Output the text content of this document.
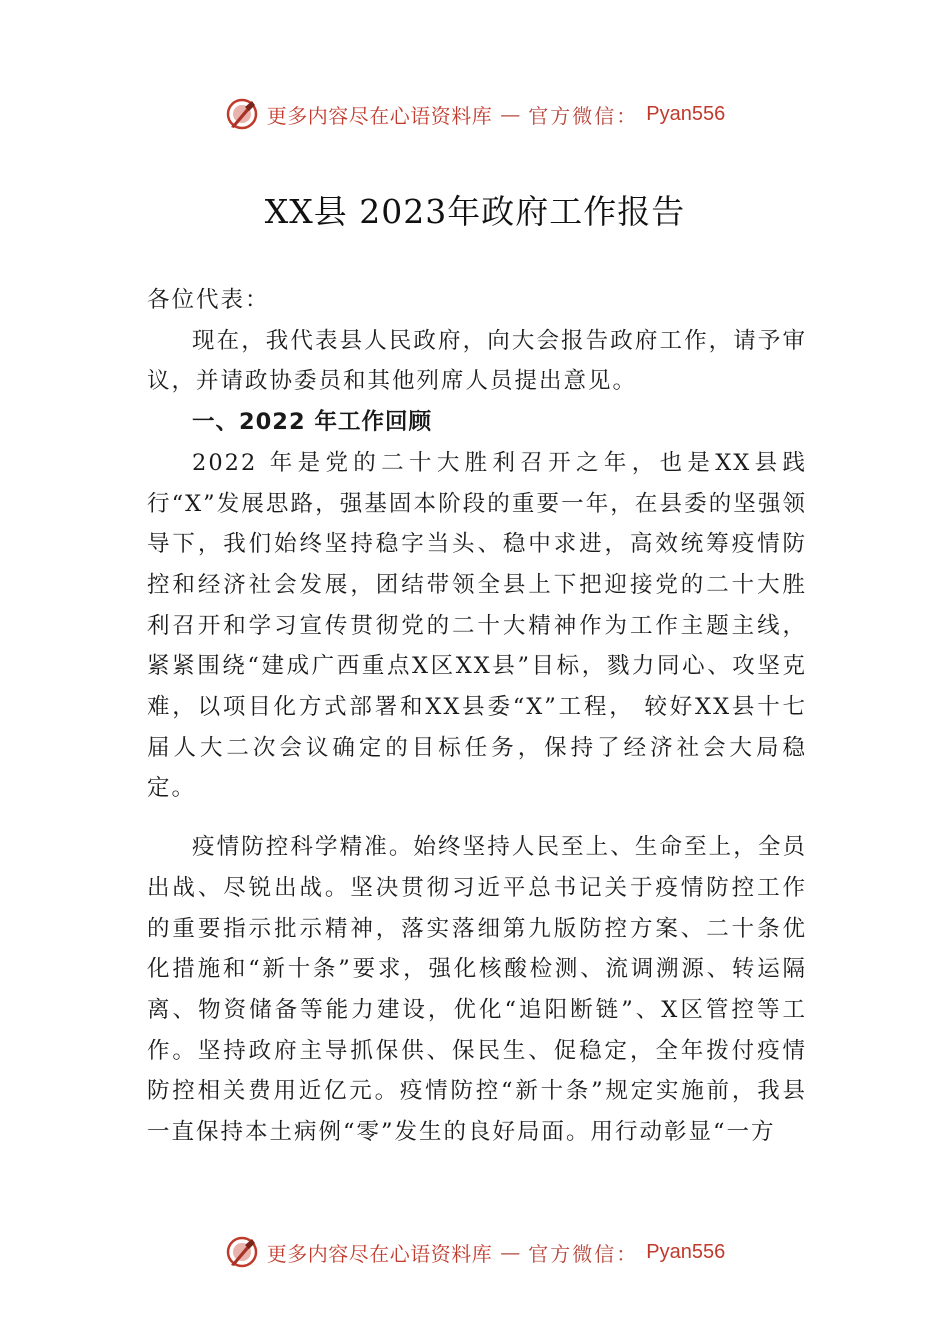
更多内容尽在心语资料库 — 官方微信： Pyan556
XX县 2023年政府工作报告

各位代表：

现在，我代表县人民政府，向大会报告政府工作，请予审议，并请政协委员和其他列席人员提出意见。

一、2022 年工作回顾

2022 年是党的二十大胜利召开之年，也是XX县践行“X”发展思路，强基固本阶段的重要一年，在县委的坚强领导下，我们始终坚持稳字当头、稳中求进，高效统筹疫情防控和经济社会发展，团结带领全县上下把迎接党的二十大胜利召开和学习宣传贯彻党的二十大精神作为工作主题主线，紧紧围绕“建成广西重点X区XX县”目标，戮力同心、攻坚克难，以项目化方式部署和XX县委“X”工程， 较好XX县十七届人大二次会议确定的目标任务，保持了经济社会大局稳定。

疫情防控科学精准。始终坚持人民至上、生命至上，全员出战、尽锐出战。坚决贯彻习近平总书记关于疫情防控工作的重要指示批示精神，落实落细第九版防控方案、二十条优化措施和“新十条”要求，强化核酸检测、流调溯源、转运隔离、物资储备等能力建设，优化“追阳断链”、X区管控等工作。坚持政府主导抓保供、保民生、促稳定，全年拨付疫情防控相关费用近亿元。疫情防控“新十条”规定实施前，我县一直保持本土病例“零”发生的良好局面。用行动彰显“一方

更多内容尽在心语资料库 — 官方微信： Pyan556
